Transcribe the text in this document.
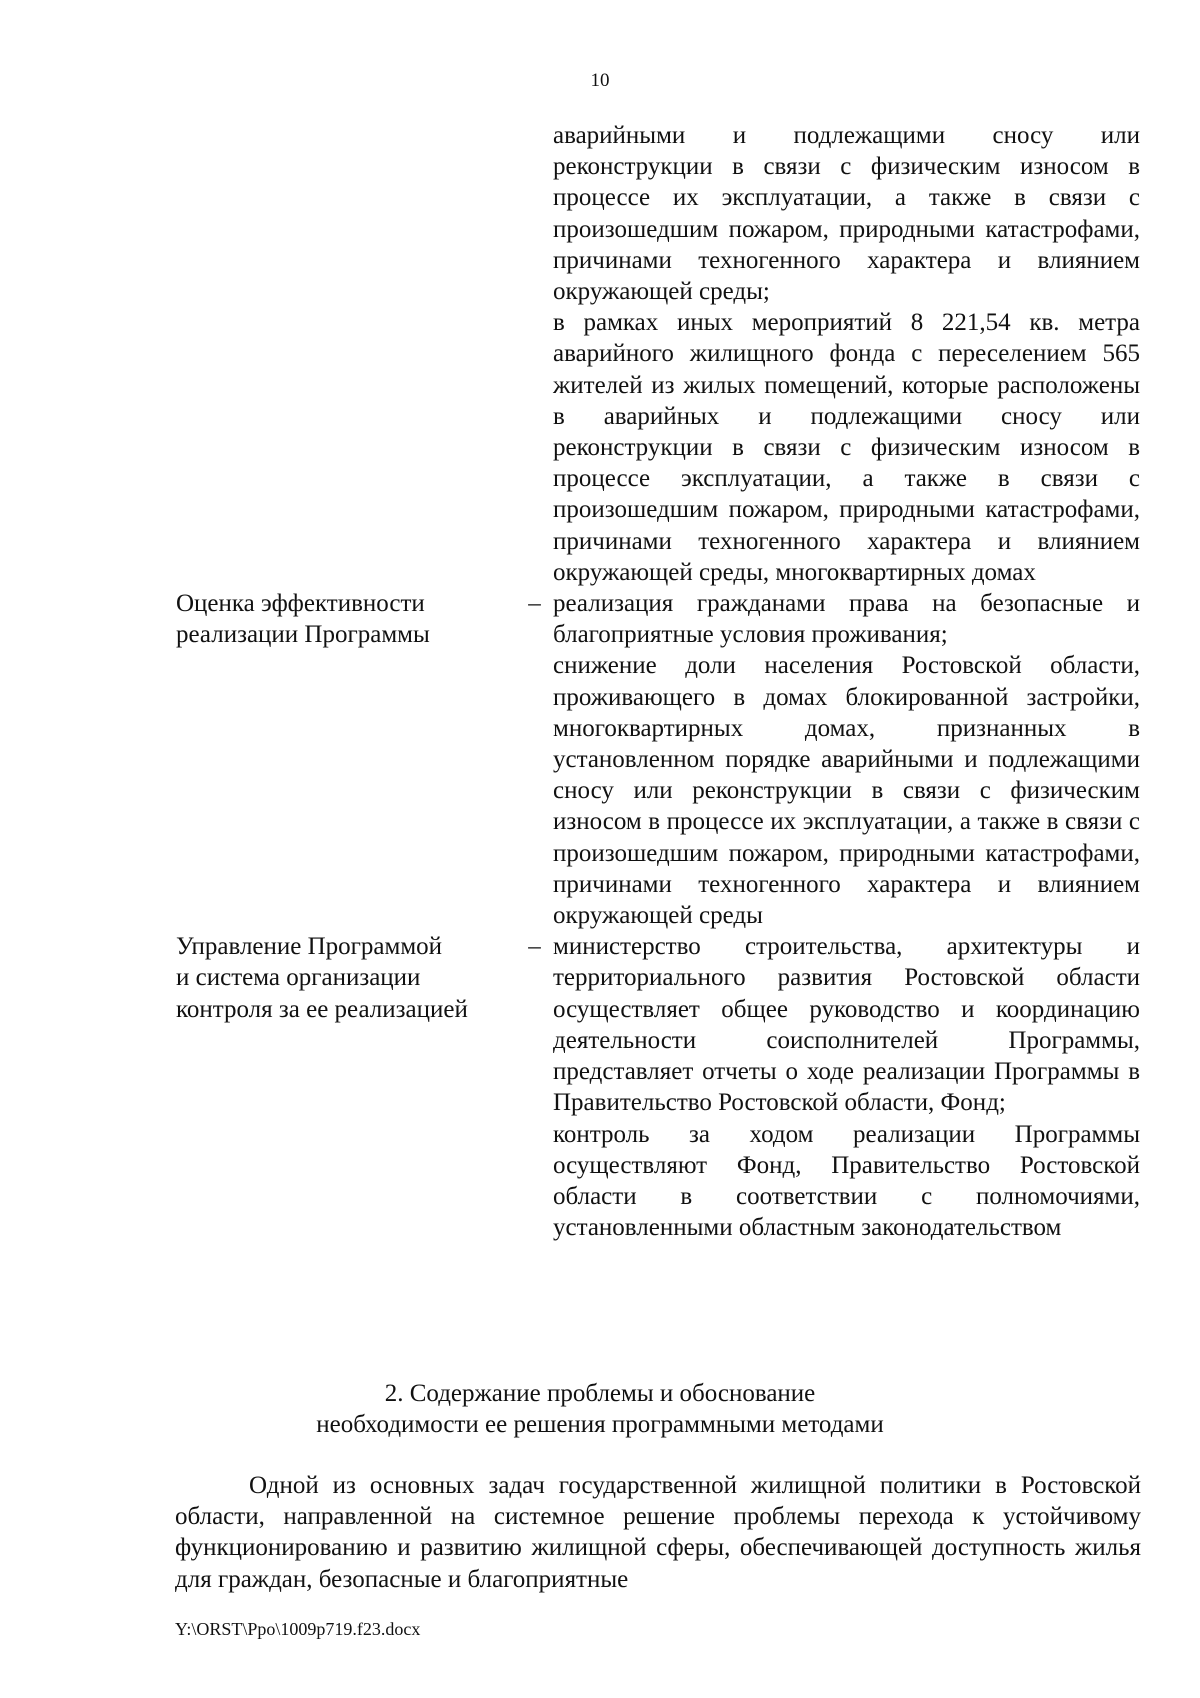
10

аварийными и подлежащими сносу или реконструкции в связи с физическим износом в процессе их эксплуатации, а также в связи с произошедшим пожаром, природными катастрофами, причинами техногенного характера и влиянием окружающей среды;

в рамках иных мероприятий 8 221,54 кв. метра аварийного жилищного фонда с переселением 565 жителей из жилых помещений, которые расположены в аварийных и подлежащими сносу или реконструкции в связи с физическим износом в процессе эксплуатации, а также в связи с произошедшим пожаром, природными катастрофами, причинами техногенного характера и влиянием окружающей среды, многоквартирных домах

Оценка эффективности
реализации Программы
– реализация гражданами права на безопасные и благоприятные условия проживания;

снижение доли населения Ростовской области, проживающего в домах блокированной застройки, многоквартирных домах, признанных в установленном порядке аварийными и подлежащими сносу или реконструкции в связи с физическим износом в процессе их эксплуатации, а также в связи с произошедшим пожаром, природными катастрофами, причинами техногенного характера и влиянием окружающей среды

Управление Программой
и система организации
контроля за ее реализацией
– министерство строительства, архитектуры и территориального развития Ростовской области осуществляет общее руководство и координацию деятельности соисполнителей Программы, представляет отчеты о ходе реализации Программы в Правительство Ростовской области, Фонд;

контроль за ходом реализации Программы осуществляют Фонд, Правительство Ростовской области в соответствии с полномочиями, установленными областным законодательством

2. Содержание проблемы и обоснование
необходимости ее решения программными методами

Одной из основных задач государственной жилищной политики в Ростовской области, направленной на системное решение проблемы перехода к устойчивому функционированию и развитию жилищной сферы, обеспечивающей доступность жилья для граждан, безопасные и благоприятные

Y:\ORST\Ppo\1009p719.f23.docx
